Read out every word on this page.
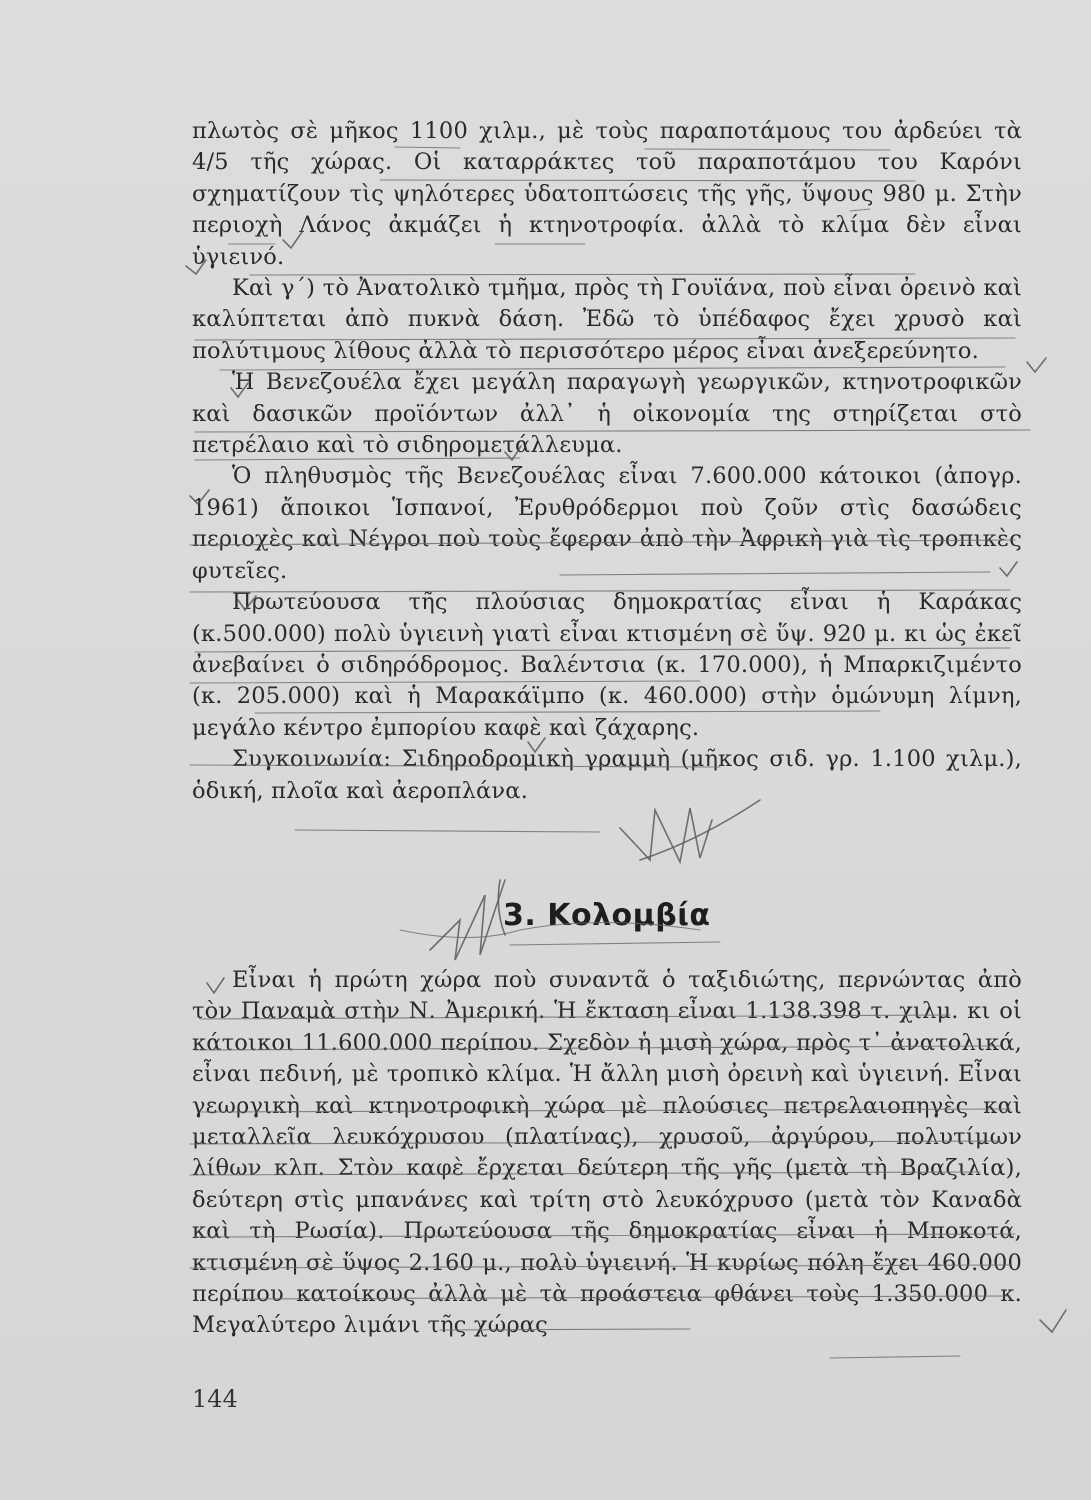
πλωτὸς σὲ μῆκος 1100 χιλμ., μὲ τοὺς παραποτάμους του ἀρδεύει τὰ 4/5 τῆς χώρας. Οἱ καταρράκτες τοῦ παραποτάμου του Καρόνι σχηματίζουν τὶς ψηλότερες ὑδατοπτώσεις τῆς γῆς, ὕψους 980 μ. Στὴν περιοχὴ Λάνος ἀκμάζει ἡ κτηνοτροφία. ἀλλὰ τὸ κλίμα δὲν εἶναι ὑγιεινό.

Καὶ γ΄) τὸ Ἀνατολικὸ τμῆμα, πρὸς τὴ Γουϊάνα, ποὺ εἶναι ὀρεινὸ καὶ καλύπτεται ἀπὸ πυκνὰ δάση. Ἐδῶ τὸ ὑπέδαφος ἔχει χρυσὸ καὶ πολύτιμους λίθους ἀλλὰ τὸ περισσότερο μέρος εἶναι ἀνεξερεύνητο.

Ἡ Βενεζουέλα ἔχει μεγάλη παραγωγὴ γεωργικῶν, κτηνοτροφικῶν καὶ δασικῶν προϊόντων ἀλλ᾽ ἡ οἰκονομία της στηρίζεται στὸ πετρέλαιο καὶ τὸ σιδηρομετάλλευμα.

Ὁ πληθυσμὸς τῆς Βενεζουέλας εἶναι 7.600.000 κάτοικοι (ἀπογρ. 1961) ἄποικοι Ἱσπανοί, Ἐρυθρόδερμοι ποὺ ζοῦν στὶς δασώδεις περιοχὲς καὶ Νέγροι ποὺ τοὺς ἔφεραν ἀπὸ τὴν Ἀφρικὴ γιὰ τὶς τροπικὲς φυτεῖες.

Πρωτεύουσα τῆς πλούσιας δημοκρατίας εἶναι ἡ Καράκας (κ.500.000) πολὺ ὑγιεινὴ γιατὶ εἶναι κτισμένη σὲ ὕψ. 920 μ. κι ὡς ἐκεῖ ἀνεβαίνει ὁ σιδηρόδρομος. Βαλέντσια (κ. 170.000), ἡ Μπαρκιζιμέντο (κ. 205.000) καὶ ἡ Μαρακάϊμπο (κ. 460.000) στὴν ὁμώνυμη λίμνη, μεγάλο κέντρο ἐμπορίου καφὲ καὶ ζάχαρης.

Συγκοινωνία: Σιδηροδρομικὴ γραμμὴ (μῆκος σιδ. γρ. 1.100 χιλμ.), ὁδική, πλοῖα καὶ ἀεροπλάνα.

3. Κολομβία

Εἶναι ἡ πρώτη χώρα ποὺ συναντᾶ ὁ ταξιδιώτης, περνώντας ἀπὸ τὸν Παναμὰ στὴν Ν. Ἀμερική. Ἡ ἔκταση εἶναι 1.138.398 τ. χιλμ. κι οἱ κάτοικοι 11.600.000 περίπου. Σχεδὸν ἡ μισὴ χώρα, πρὸς τ᾽ ἀνατολικά, εἶναι πεδινή, μὲ τροπικὸ κλίμα. Ἡ ἄλλη μισὴ ὀρεινὴ καὶ ὑγιεινή. Εἶναι γεωργικὴ καὶ κτηνοτροφικὴ χώρα μὲ πλούσιες πετρελαιοπηγὲς καὶ μεταλλεῖα λευκόχρυσου (πλατίνας), χρυσοῦ, ἀργύρου, πολυτίμων λίθων κλπ. Στὸν καφὲ ἔρχεται δεύτερη τῆς γῆς (μετὰ τὴ Βραζιλία), δεύτερη στὶς μπανάνες καὶ τρίτη στὸ λευκόχρυσο (μετὰ τὸν Καναδὰ καὶ τὴ Ρωσία). Πρωτεύουσα τῆς δημοκρατίας εἶναι ἡ Μποκοτά, κτισμένη σὲ ὕψος 2.160 μ., πολὺ ὑγιεινή. Ἡ κυρίως πόλη ἔχει 460.000 περίπου κατοίκους ἀλλὰ μὲ τὰ προάστεια φθάνει τοὺς 1.350.000 κ. Μεγαλύτερο λιμάνι τῆς χώρας

144
